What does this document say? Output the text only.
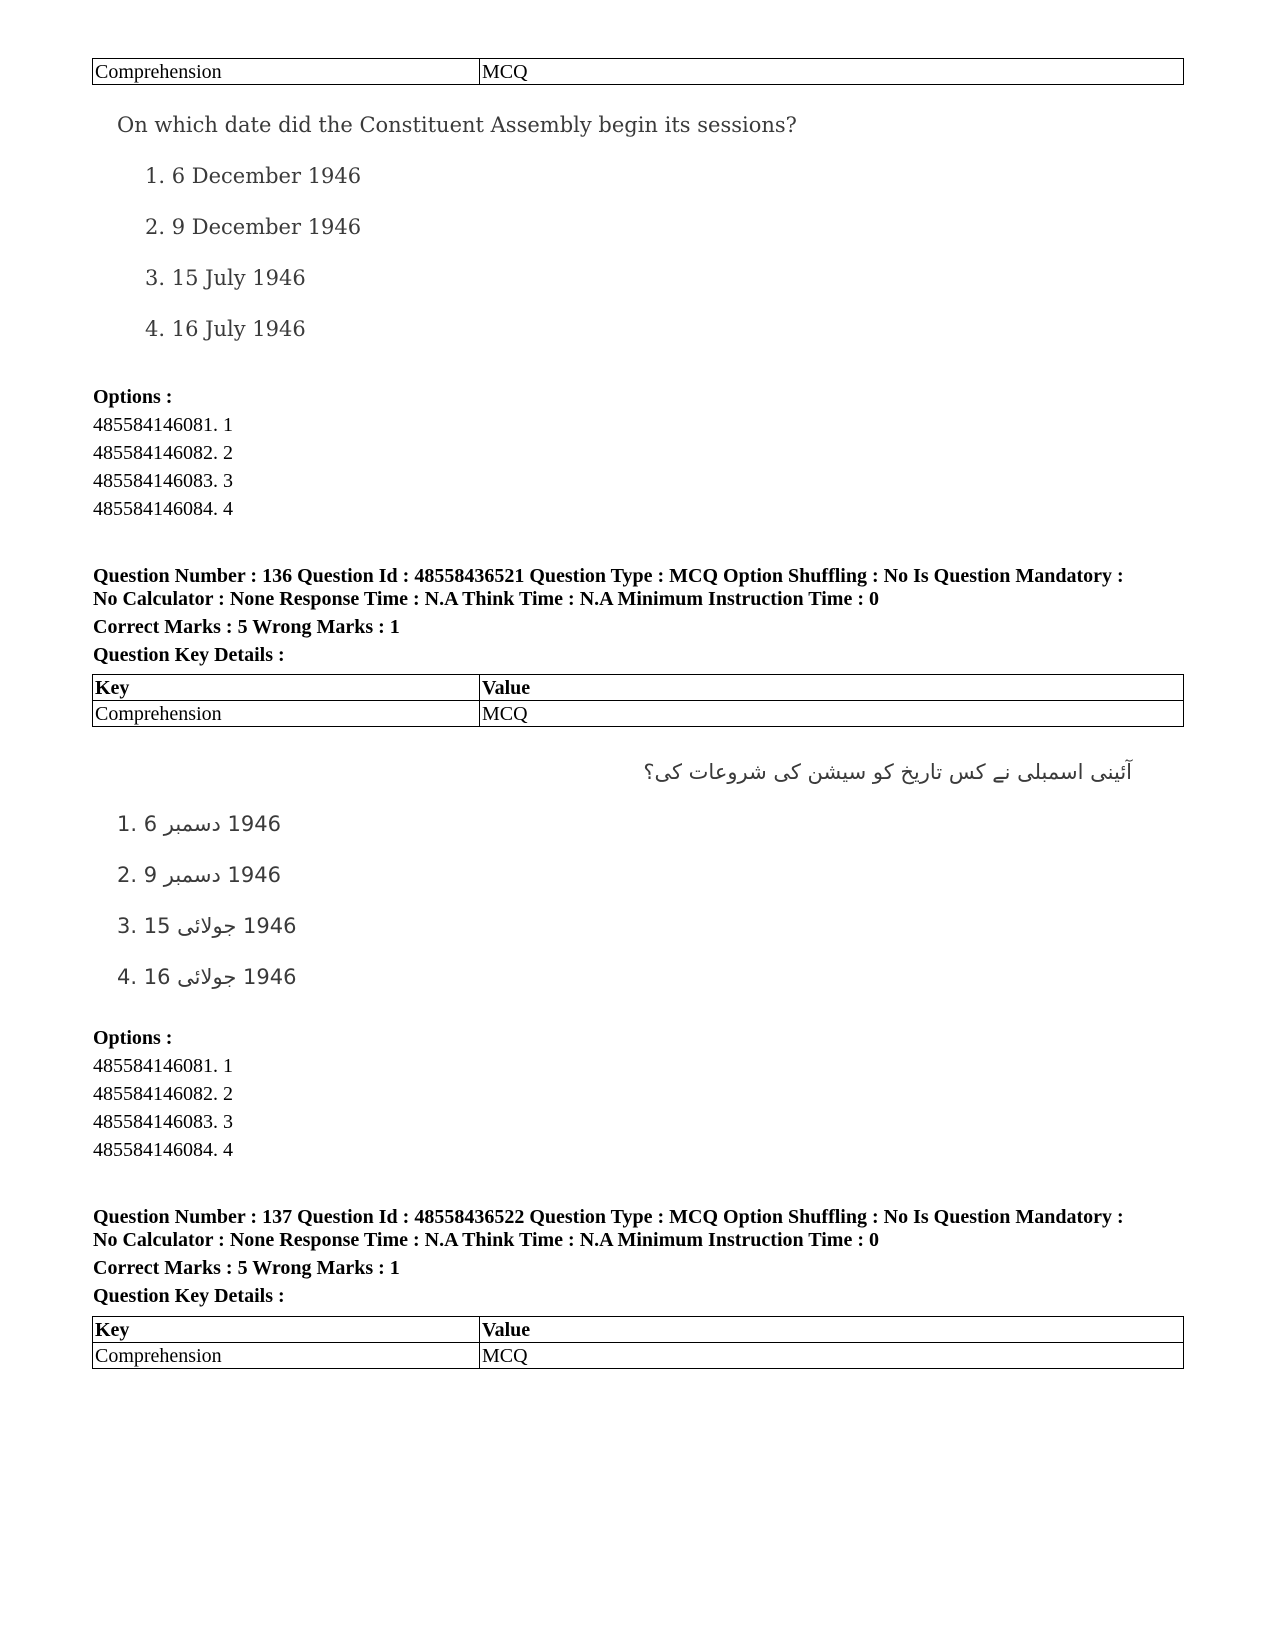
Comprehension	MCQ
On which date did the Constituent Assembly begin its sessions?
1. 6 December 1946
2. 9 December 1946
3. 15 July 1946
4. 16 July 1946
Options :
485584146081. 1
485584146082. 2
485584146083. 3
485584146084. 4
Question Number : 136 Question Id : 48558436521 Question Type : MCQ Option Shuffling : No Is Question Mandatory :
No Calculator : None Response Time : N.A Think Time : N.A Minimum Instruction Time : 0
Correct Marks : 5 Wrong Marks : 1
Question Key Details :
Key	Value
Comprehension	MCQ
آئینی اسمبلی نے کس تاریخ کو سیشن کی شروعات کی؟
1. 1946 دسمبر 6
2. 1946 دسمبر 9
3. 1946 جولائی 15
4. 1946 جولائی 16
Options :
485584146081. 1
485584146082. 2
485584146083. 3
485584146084. 4
Question Number : 137 Question Id : 48558436522 Question Type : MCQ Option Shuffling : No Is Question Mandatory :
No Calculator : None Response Time : N.A Think Time : N.A Minimum Instruction Time : 0
Correct Marks : 5 Wrong Marks : 1
Question Key Details :
Key	Value
Comprehension	MCQ
